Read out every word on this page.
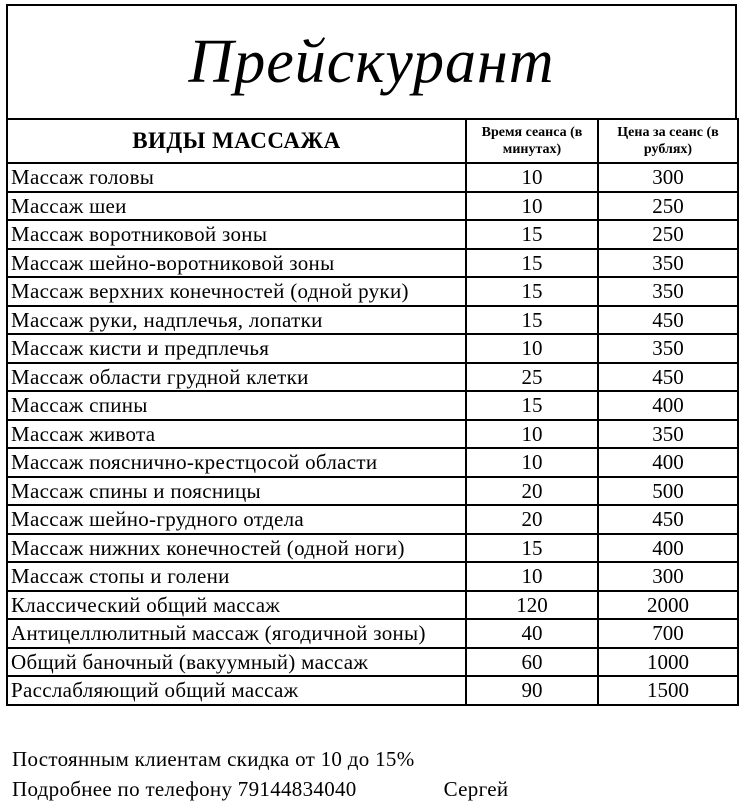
Прейскурант
ВИДЫ МАССАЖА	Время сеанса (в минутах)	Цена за сеанс (в рублях)
Массаж головы	10	300
Массаж шеи	10	250
Массаж воротниковой зоны	15	250
Массаж шейно-воротниковой зоны	15	350
Массаж верхних конечностей (одной руки)	15	350
Массаж руки, надплечья, лопатки	15	450
Массаж кисти и предплечья	10	350
Массаж области грудной клетки	25	450
Массаж спины	15	400
Массаж живота	10	350
Массаж пояснично-крестцосой области	10	400
Массаж спины и поясницы	20	500
Массаж шейно-грудного отдела	20	450
Массаж нижних конечностей (одной ноги)	15	400
Массаж стопы и голени	10	300
Классический общий массаж	120	2000
Антицеллюлитный массаж (ягодичной зоны)	40	700
Общий баночный (вакуумный) массаж	60	1000
Расслабляющий общий массаж	90	1500
Постоянным клиентам скидка от 10 до 15%
Подробнее по телефону 79144834040	Сергей
